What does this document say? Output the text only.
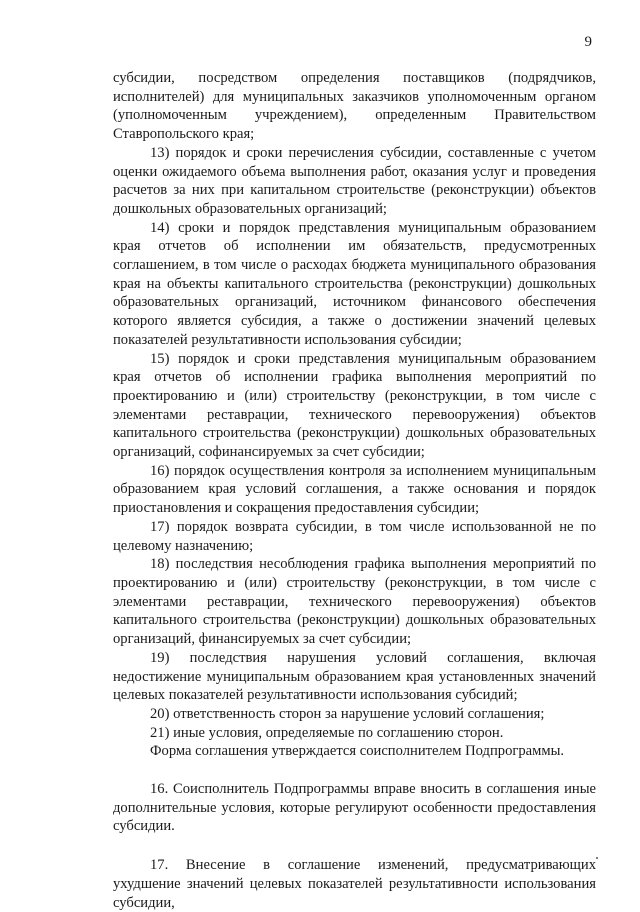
9

субсидии, посредством определения поставщиков (подрядчиков, исполнителей) для муниципальных заказчиков уполномоченным органом (уполномоченным учреждением), определенным Правительством Ставропольского края;

13) порядок и сроки перечисления субсидии, составленные с учетом оценки ожидаемого объема выполнения работ, оказания услуг и проведения расчетов за них при капитальном строительстве (реконструкции) объектов дошкольных образовательных организаций;

14) сроки и порядок представления муниципальным образованием края отчетов об исполнении им обязательств, предусмотренных соглашением, в том числе о расходах бюджета муниципального образования края на объекты капитального строительства (реконструкции) дошкольных образовательных организаций, источником финансового обеспечения которого является субсидия, а также о достижении значений целевых показателей результативности использования субсидии;

15) порядок и сроки представления муниципальным образованием края отчетов об исполнении графика выполнения мероприятий по проектированию и (или) строительству (реконструкции, в том числе с элементами реставрации, технического перевооружения) объектов капитального строительства (реконструкции) дошкольных образовательных организаций, софинансируемых за счет субсидии;

16) порядок осуществления контроля за исполнением муниципальным образованием края условий соглашения, а также основания и порядок приостановления и сокращения предоставления субсидии;

17) порядок возврата субсидии, в том числе использованной не по целевому назначению;

18) последствия несоблюдения графика выполнения мероприятий по проектированию и (или) строительству (реконструкции, в том числе с элементами реставрации, технического перевооружения) объектов капитального строительства (реконструкции) дошкольных образовательных организаций, финансируемых за счет субсидии;

19) последствия нарушения условий соглашения, включая недостижение муниципальным образованием края установленных значений целевых показателей результативности использования субсидий;

20) ответственность сторон за нарушение условий соглашения;

21) иные условия, определяемые по соглашению сторон.

Форма соглашения утверждается соисполнителем Подпрограммы.

16. Соисполнитель Подпрограммы вправе вносить в соглашения иные дополнительные условия, которые регулируют особенности предоставления субсидии.

17. Внесение в соглашение изменений, предусматривающих ухудшение значений целевых показателей результативности использования субсидии,
